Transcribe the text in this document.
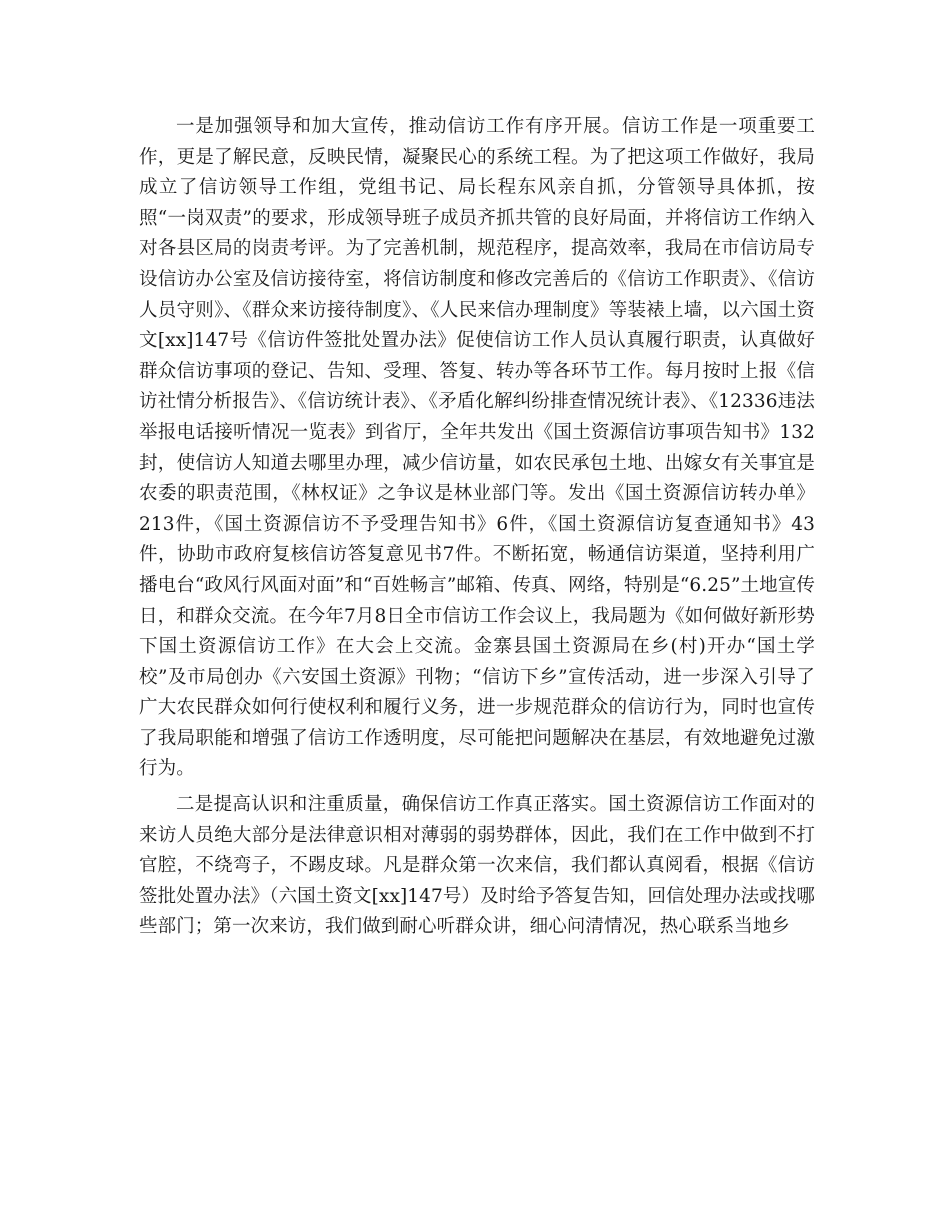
一是加强领导和加大宣传，推动信访工作有序开展。信访工作是一项重要工作，更是了解民意，反映民情，凝聚民心的系统工程。为了把这项工作做好，我局成立了信访领导工作组，党组书记、局长程东风亲自抓，分管领导具体抓，按照“一岗双责”的要求，形成领导班子成员齐抓共管的良好局面，并将信访工作纳入对各县区局的岗责考评。为了完善机制，规范程序，提高效率，我局在市信访局专设信访办公室及信访接待室，将信访制度和修改完善后的《信访工作职责》、《信访人员守则》、《群众来访接待制度》、《人民来信办理制度》等装裱上墙，以六国土资文[xx]147号《信访件签批处置办法》促使信访工作人员认真履行职责，认真做好群众信访事项的登记、告知、受理、答复、转办等各环节工作。每月按时上报《信访社情分析报告》、《信访统计表》、《矛盾化解纠纷排查情况统计表》、《12336违法举报电话接听情况一览表》到省厅，全年共发出《国土资源信访事项告知书》132封，使信访人知道去哪里办理，减少信访量，如农民承包土地、出嫁女有关事宜是农委的职责范围，《林权证》之争议是林业部门等。发出《国土资源信访转办单》213件，《国土资源信访不予受理告知书》6件，《国土资源信访复查通知书》43件，协助市政府复核信访答复意见书7件。不断拓宽，畅通信访渠道，坚持利用广播电台“政风行风面对面”和“百姓畅言”邮箱、传真、网络，特别是“6.25”土地宣传日，和群众交流。在今年7月8日全市信访工作会议上，我局题为《如何做好新形势下国土资源信访工作》在大会上交流。金寨县国土资源局在乡(村)开办“国土学校”及市局创办《六安国土资源》刊物；“信访下乡”宣传活动，进一步深入引导了广大农民群众如何行使权利和履行义务，进一步规范群众的信访行为，同时也宣传了我局职能和增强了信访工作透明度，尽可能把问题解决在基层，有效地避免过激行为。

二是提高认识和注重质量，确保信访工作真正落实。国土资源信访工作面对的来访人员绝大部分是法律意识相对薄弱的弱势群体，因此，我们在工作中做到不打官腔，不绕弯子，不踢皮球。凡是群众第一次来信，我们都认真阅看，根据《信访签批处置办法》（六国土资文[xx]147号）及时给予答复告知，回信处理办法或找哪些部门；第一次来访，我们做到耐心听群众讲，细心问清情况，热心联系当地乡
